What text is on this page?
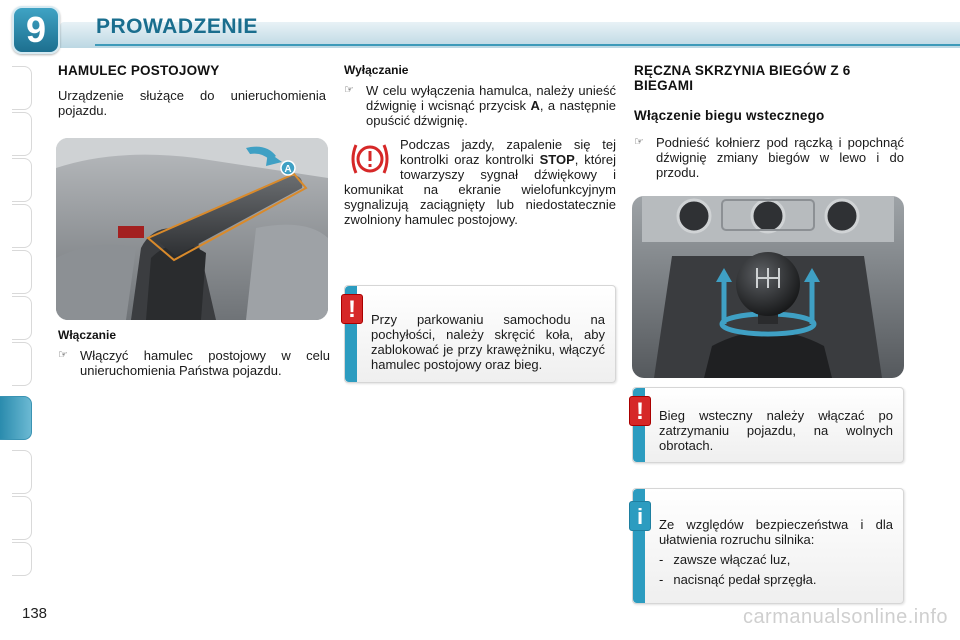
9 PROWADZENIE
HAMULEC POSTOJOWY
Urządzenie służące do unieruchomienia pojazdu.
A
Włączanie
☞ Włączyć hamulec postojowy w celu unieruchomienia Państwa pojazdu.
Wyłączanie
☞ W celu wyłączenia hamulca, należy unieść dźwignię i wcisnąć przycisk A, a następnie opuścić dźwignię.
Podczas jazdy, zapalenie się tej kontrolki oraz kontrolki STOP, której towarzyszy sygnał dźwiękowy i komunikat na ekranie wielofunkcyjnym sygnalizują zaciągnięty lub niedostatecznie zwolniony hamulec postojowy.
!	Przy parkowaniu samochodu na pochyłości, należy skręcić koła, aby zablokować je przy krawężniku, włączyć hamulec postojowy oraz bieg.
RĘCZNA SKRZYNIA BIEGÓW Z 6 BIEGAMI
Włączenie biegu wstecznego
☞ Podnieść kołnierz pod rączką i popchnąć dźwignię zmiany biegów w lewo i do przodu.
!	Bieg wsteczny należy włączać po zatrzymaniu pojazdu, na wolnych obrotach.
i	Ze względów bezpieczeństwa i dla ułatwienia rozruchu silnika:
- zawsze włączać luz,
- nacisnąć pedał sprzęgła.
138	carmanualsonline.info
